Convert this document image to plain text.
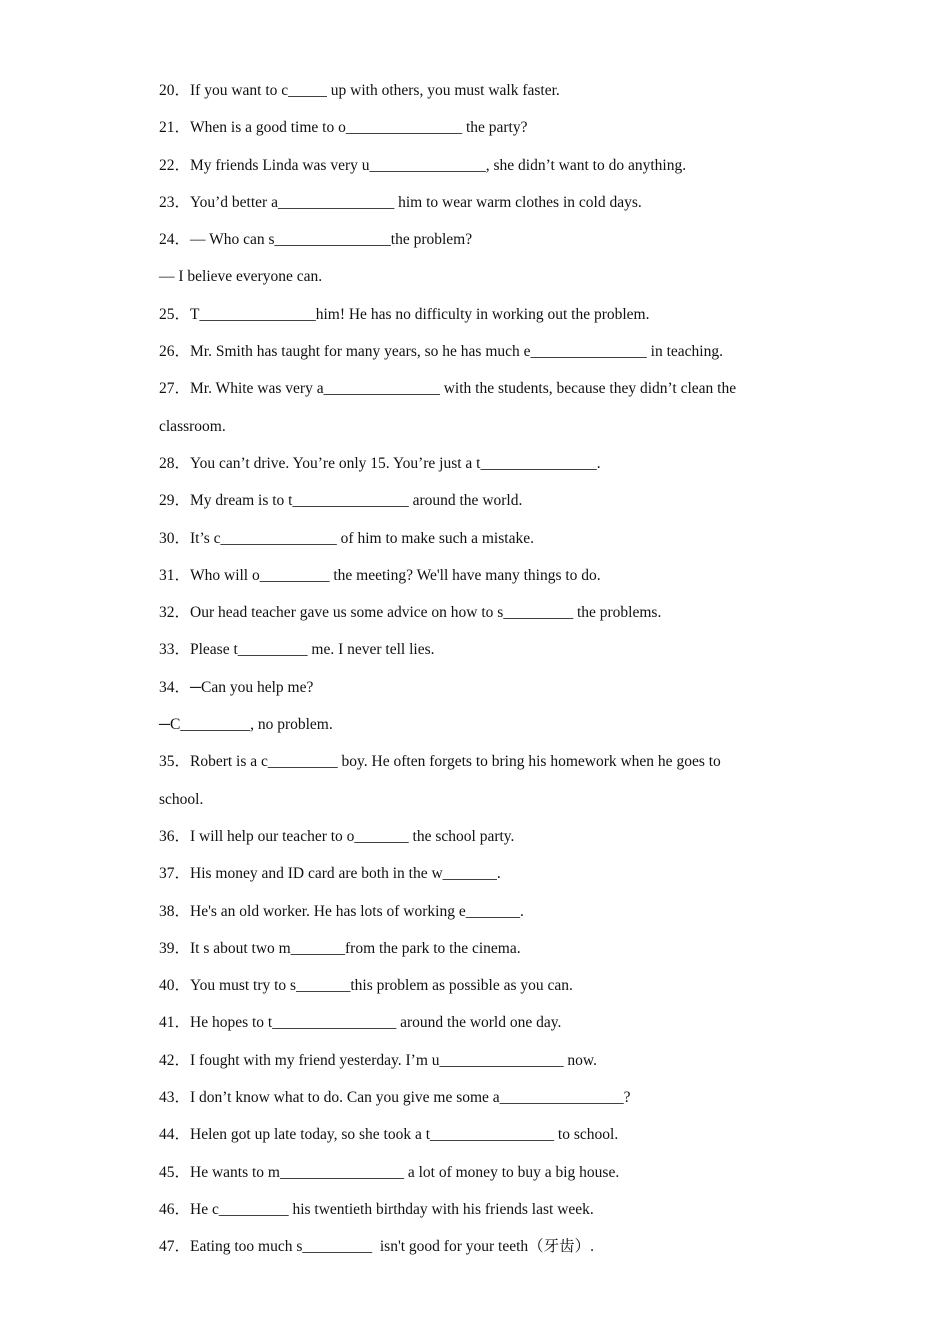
20．If you want to c_____ up with others, you must walk faster.
21．When is a good time to o_______________ the party?
22．My friends Linda was very u_______________, she didn’t want to do anything.
23．You’d better a_______________ him to wear warm clothes in cold days.
24．— Who can s_______________the problem?
— I believe everyone can.
25．T_______________him! He has no difficulty in working out the problem.
26．Mr. Smith has taught for many years, so he has much e_______________ in teaching.
27．Mr. White was very a_______________ with the students, because they didn’t clean the
classroom.
28．You can’t drive. You’re only 15. You’re just a t_______________.
29．My dream is to t_______________ around the world.
30．It’s c_______________ of him to make such a mistake.
31．Who will o_________ the meeting? We'll have many things to do.
32．Our head teacher gave us some advice on how to s_________ the problems.
33．Please t_________ me. I never tell lies.
34．─Can you help me?
─C_________, no problem.
35．Robert is a c_________ boy. He often forgets to bring his homework when he goes to
school.
36．I will help our teacher to o_______ the school party.
37．His money and ID card are both in the w_______.
38．He's an old worker. He has lots of working e_______.
39．It s about two m_______from the park to the cinema.
40．You must try to s_______this problem as possible as you can.
41．He hopes to t________________ around the world one day.
42．I fought with my friend yesterday. I’m u________________ now.
43．I don’t know what to do. Can you give me some a________________?
44．Helen got up late today, so she took a t________________ to school.
45．He wants to m________________ a lot of money to buy a big house.
46．He c_________ his twentieth birthday with his friends last week.
47．Eating too much s_________  isn't good for your teeth（牙齿）.
